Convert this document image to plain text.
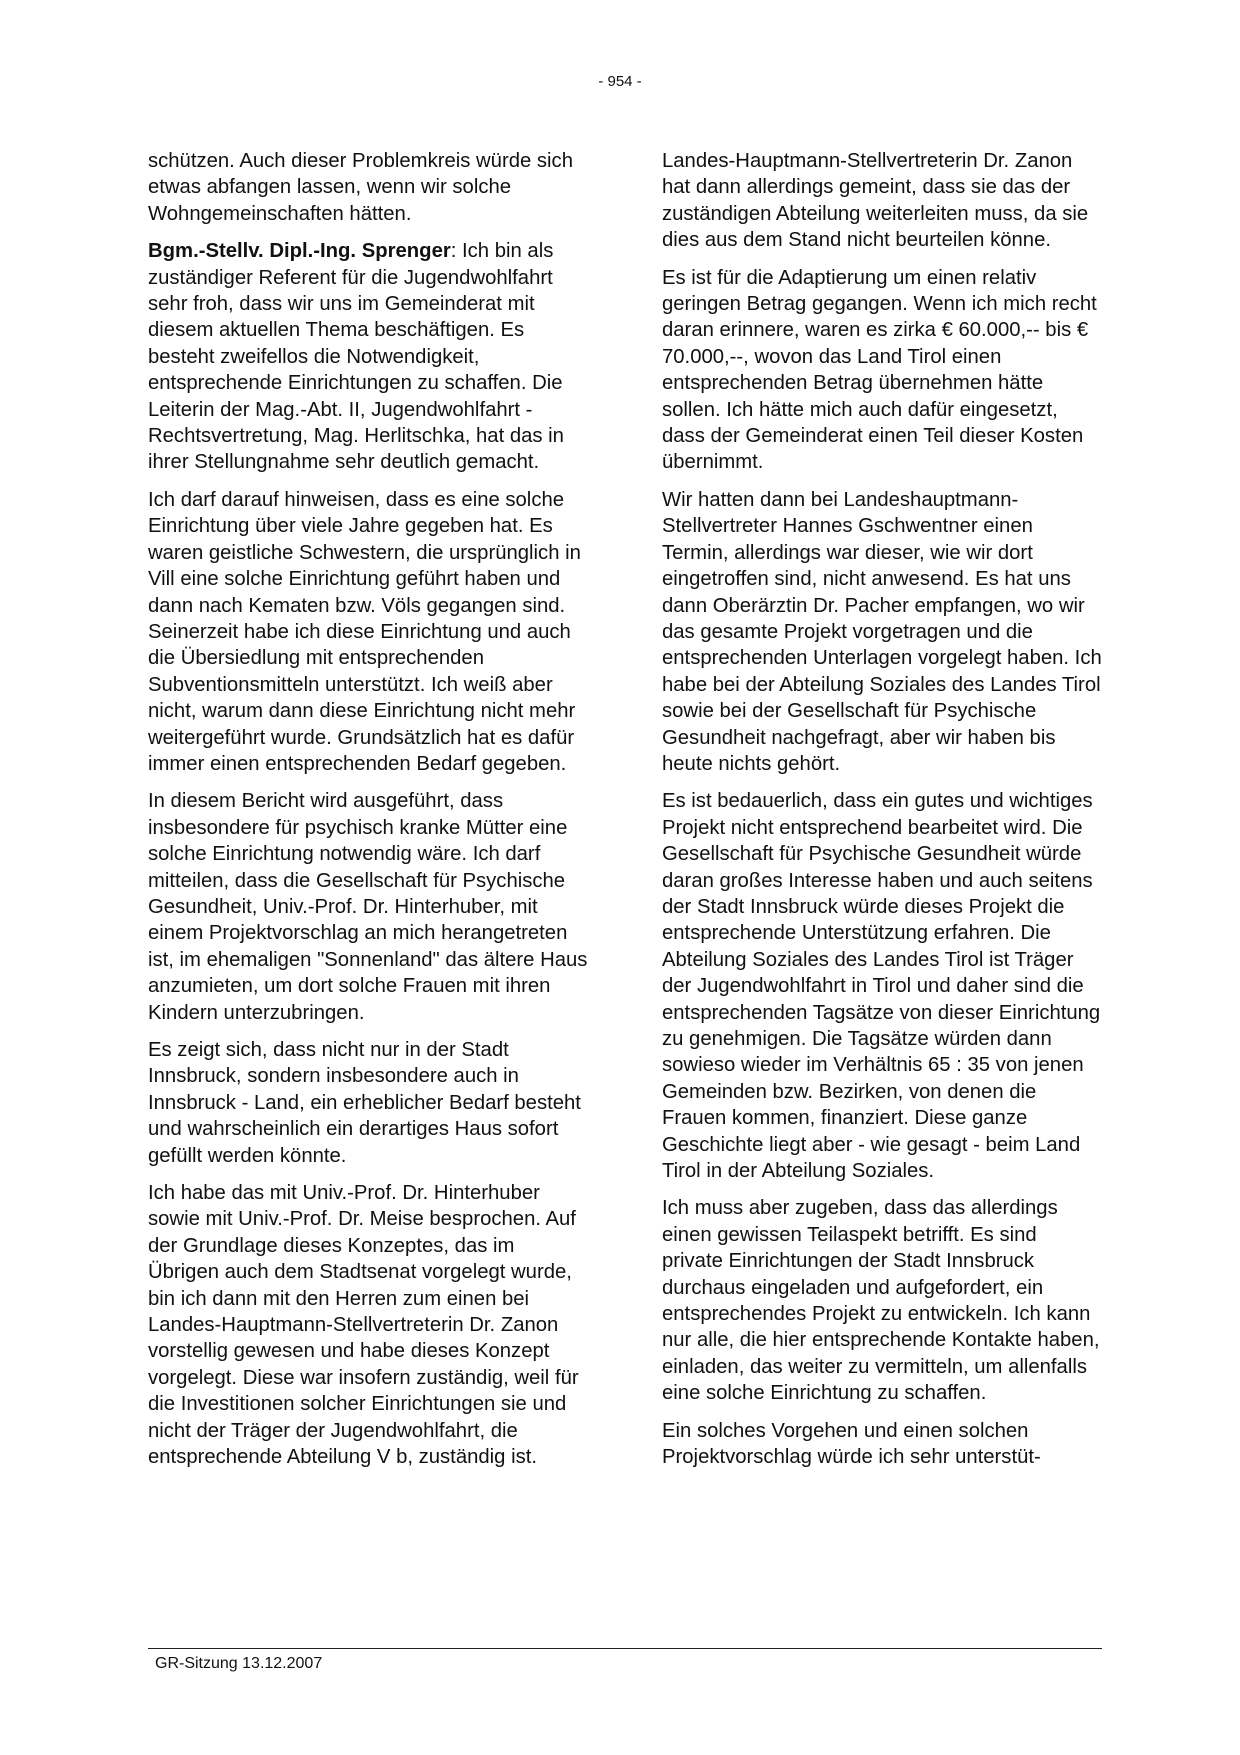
- 954 -

schützen. Auch dieser Problemkreis würde sich etwas abfangen lassen, wenn wir solche Wohngemeinschaften hätten.

Bgm.-Stellv. Dipl.-Ing. Sprenger: Ich bin als zuständiger Referent für die Jugendwohlfahrt sehr froh, dass wir uns im Gemeinderat mit diesem aktuellen Thema beschäftigen. Es besteht zweifellos die Notwendigkeit, entsprechende Einrichtungen zu schaffen. Die Leiterin der Mag.-Abt. II, Jugendwohlfahrt - Rechtsvertretung, Mag. Herlitschka, hat das in ihrer Stellungnahme sehr deutlich gemacht.

Ich darf darauf hinweisen, dass es eine solche Einrichtung über viele Jahre gegeben hat. Es waren geistliche Schwestern, die ursprünglich in Vill eine solche Einrichtung geführt haben und dann nach Kematen bzw. Völs gegangen sind. Seinerzeit habe ich diese Einrichtung und auch die Übersiedlung mit entsprechenden Subventionsmitteln unterstützt. Ich weiß aber nicht, warum dann diese Einrichtung nicht mehr weitergeführt wurde. Grundsätzlich hat es dafür immer einen entsprechenden Bedarf gegeben.

In diesem Bericht wird ausgeführt, dass insbesondere für psychisch kranke Mütter eine solche Einrichtung notwendig wäre. Ich darf mitteilen, dass die Gesellschaft für Psychische Gesundheit, Univ.-Prof. Dr. Hinterhuber, mit einem Projektvorschlag an mich herangetreten ist, im ehemaligen "Sonnenland" das ältere Haus anzumieten, um dort solche Frauen mit ihren Kindern unterzubringen.

Es zeigt sich, dass nicht nur in der Stadt Innsbruck, sondern insbesondere auch in Innsbruck - Land, ein erheblicher Bedarf besteht und wahrscheinlich ein derartiges Haus sofort gefüllt werden könnte.

Ich habe das mit Univ.-Prof. Dr. Hinterhuber sowie mit Univ.-Prof. Dr. Meise besprochen. Auf der Grundlage dieses Konzeptes, das im Übrigen auch dem Stadtsenat vorgelegt wurde, bin ich dann mit den Herren zum einen bei Landes-Hauptmann-Stellvertreterin Dr. Zanon vorstellig gewesen und habe dieses Konzept vorgelegt. Diese war insofern zuständig, weil für die Investitionen solcher Einrichtungen sie und nicht der Träger der Jugendwohlfahrt, die entsprechende Abteilung V b, zuständig ist.

Landes-Hauptmann-Stellvertreterin Dr. Zanon hat dann allerdings gemeint, dass sie das der zuständigen Abteilung weiterleiten muss, da sie dies aus dem Stand nicht beurteilen könne.

Es ist für die Adaptierung um einen relativ geringen Betrag gegangen. Wenn ich mich recht daran erinnere, waren es zirka € 60.000,-- bis € 70.000,--, wovon das Land Tirol einen entsprechenden Betrag übernehmen hätte sollen. Ich hätte mich auch dafür eingesetzt, dass der Gemeinderat einen Teil dieser Kosten übernimmt.

Wir hatten dann bei Landeshauptmann-Stellvertreter Hannes Gschwentner einen Termin, allerdings war dieser, wie wir dort eingetroffen sind, nicht anwesend. Es hat uns dann Oberärztin Dr. Pacher empfangen, wo wir das gesamte Projekt vorgetragen und die entsprechenden Unterlagen vorgelegt haben. Ich habe bei der Abteilung Soziales des Landes Tirol sowie bei der Gesellschaft für Psychische Gesundheit nachgefragt, aber wir haben bis heute nichts gehört.

Es ist bedauerlich, dass ein gutes und wichtiges Projekt nicht entsprechend bearbeitet wird. Die Gesellschaft für Psychische Gesundheit würde daran großes Interesse haben und auch seitens der Stadt Innsbruck würde dieses Projekt die entsprechende Unterstützung erfahren. Die Abteilung Soziales des Landes Tirol ist Träger der Jugendwohlfahrt in Tirol und daher sind die entsprechenden Tagsätze von dieser Einrichtung zu genehmigen. Die Tagsätze würden dann sowieso wieder im Verhältnis 65 : 35 von jenen Gemeinden bzw. Bezirken, von denen die Frauen kommen, finanziert. Diese ganze Geschichte liegt aber - wie gesagt - beim Land Tirol in der Abteilung Soziales.

Ich muss aber zugeben, dass das allerdings einen gewissen Teilaspekt betrifft. Es sind private Einrichtungen der Stadt Innsbruck durchaus eingeladen und aufgefordert, ein entsprechendes Projekt zu entwickeln. Ich kann nur alle, die hier entsprechende Kontakte haben, einladen, das weiter zu vermitteln, um allenfalls eine solche Einrichtung zu schaffen.

Ein solches Vorgehen und einen solchen Projektvorschlag würde ich sehr unterstüt-

GR-Sitzung 13.12.2007
